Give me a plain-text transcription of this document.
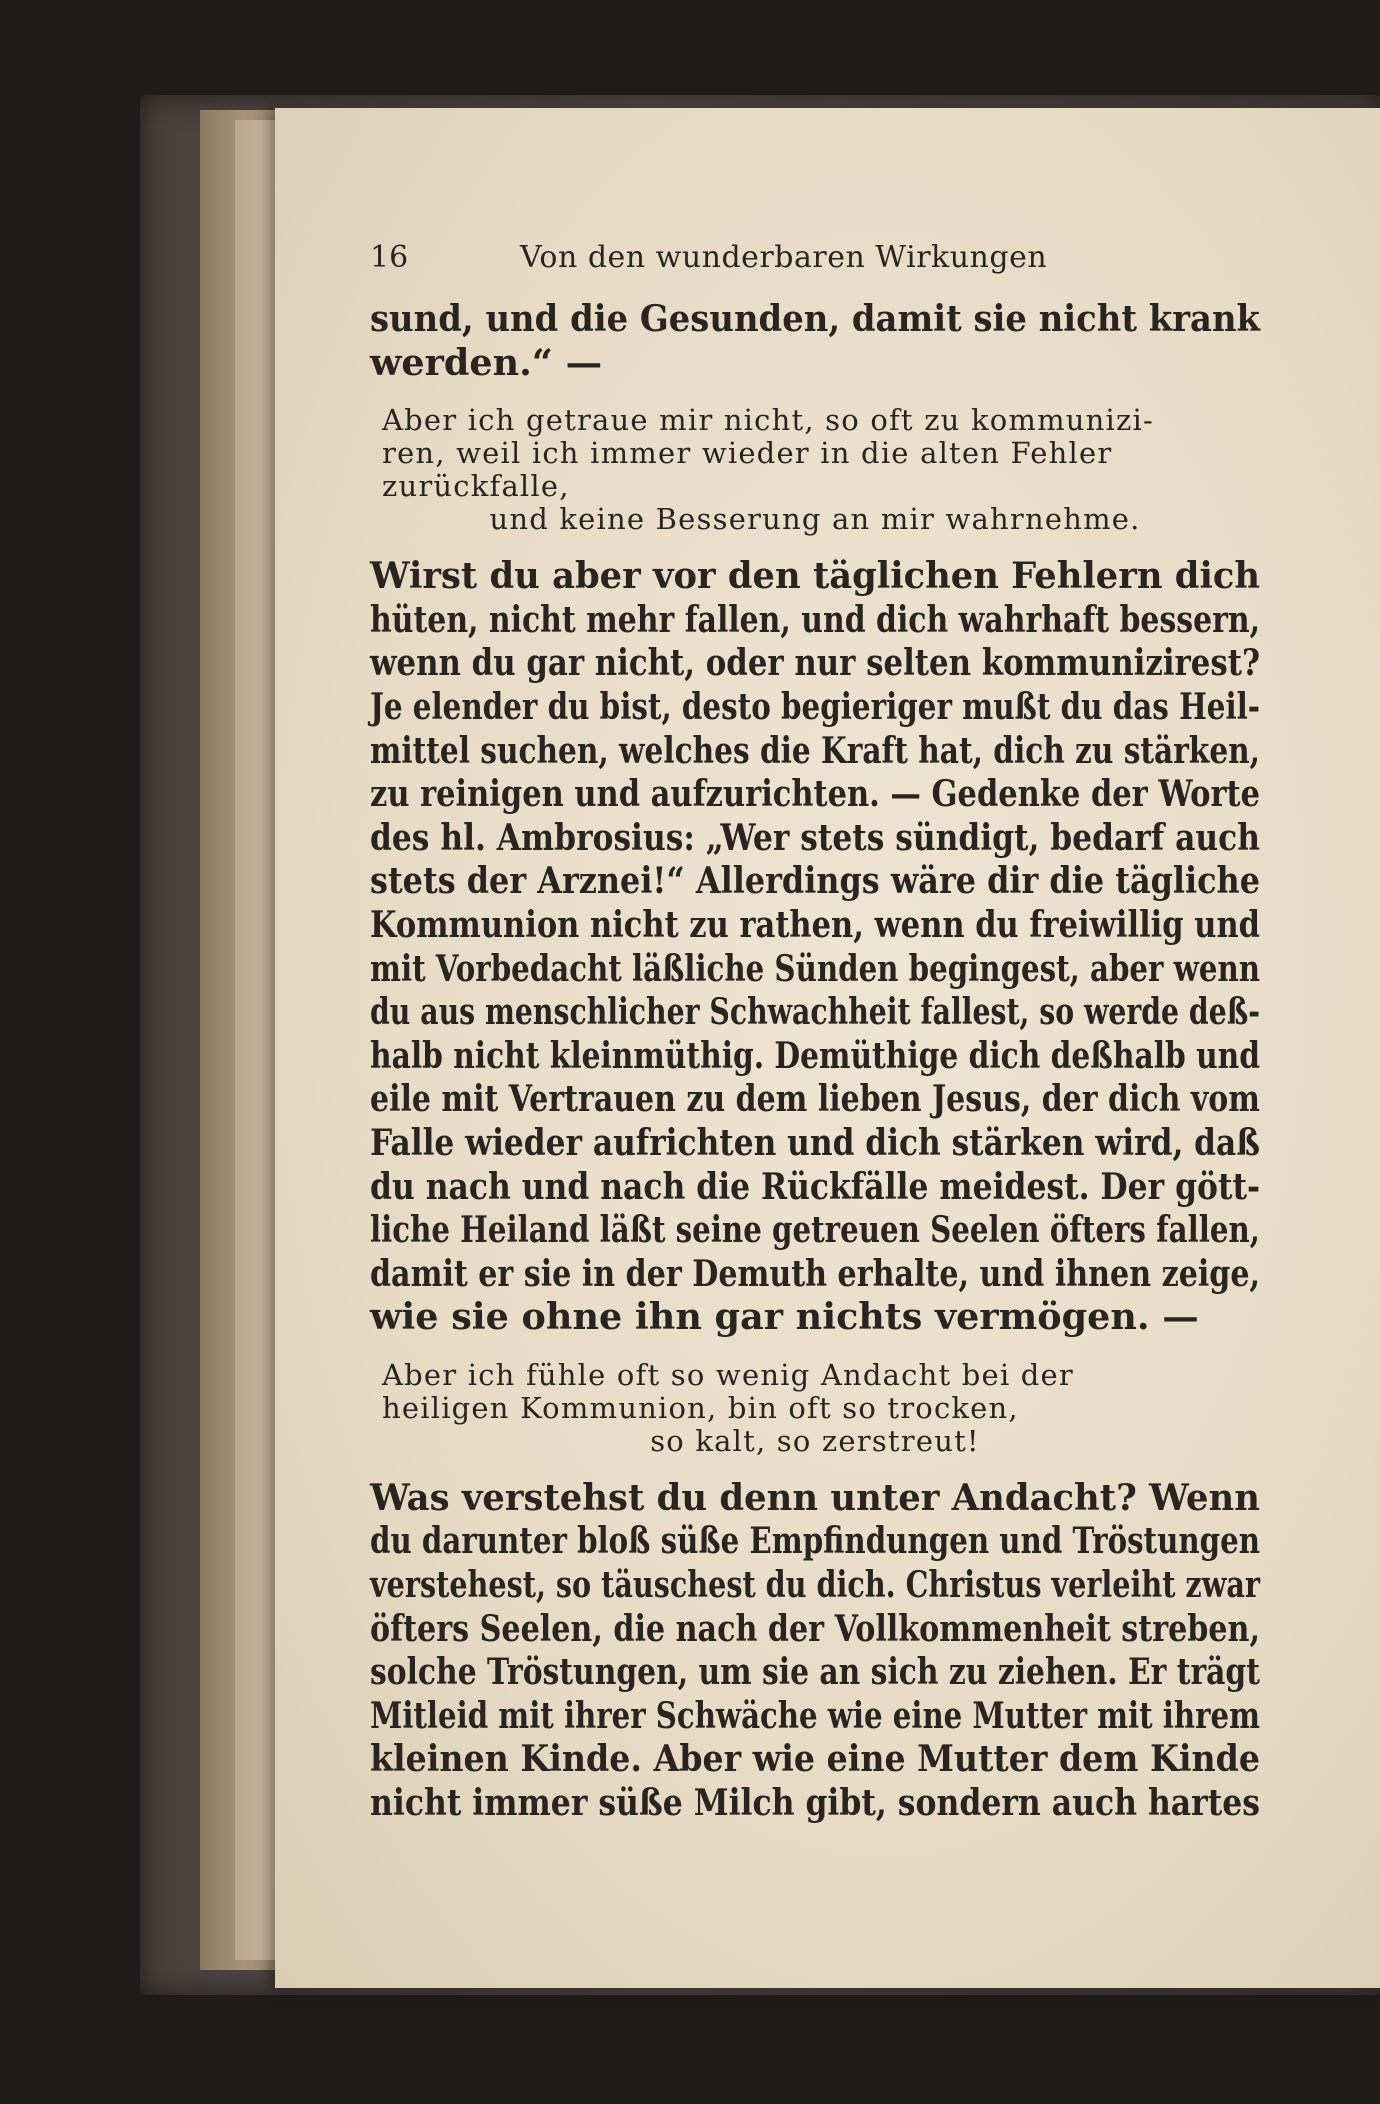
16	Von den wunderbaren Wirkungen
sund, und die Gesunden, damit sie nicht krank
werden.“ —
Aber ich getraue mir nicht, so oft zu kommunizi-
ren, weil ich immer wieder in die alten Fehler zurückfalle,
und keine Besserung an mir wahrnehme.
Wirst du aber vor den täglichen Fehlern dich
hüten, nicht mehr fallen, und dich wahrhaft bessern,
wenn du gar nicht, oder nur selten kommunizirest?
Je elender du bist, desto begieriger mußt du das Heil-
mittel suchen, welches die Kraft hat, dich zu stärken,
zu reinigen und aufzurichten. — Gedenke der Worte
des hl. Ambrosius: „Wer stets sündigt, bedarf auch
stets der Arznei!“ Allerdings wäre dir die tägliche
Kommunion nicht zu rathen, wenn du freiwillig und
mit Vorbedacht läßliche Sünden begingest, aber wenn
du aus menschlicher Schwachheit fallest, so werde deß-
halb nicht kleinmüthig. Demüthige dich deßhalb und
eile mit Vertrauen zu dem lieben Jesus, der dich vom
Falle wieder aufrichten und dich stärken wird, daß
du nach und nach die Rückfälle meidest. Der gött-
liche Heiland läßt seine getreuen Seelen öfters fallen,
damit er sie in der Demuth erhalte, und ihnen zeige,
wie sie ohne ihn gar nichts vermögen. —
Aber ich fühle oft so wenig Andacht bei der
heiligen Kommunion, bin oft so trocken,
so kalt, so zerstreut!
Was verstehst du denn unter Andacht? Wenn
du darunter bloß süße Empfindungen und Tröstungen
verstehest, so täuschest du dich. Christus verleiht zwar
öfters Seelen, die nach der Vollkommenheit streben,
solche Tröstungen, um sie an sich zu ziehen. Er trägt
Mitleid mit ihrer Schwäche wie eine Mutter mit ihrem
kleinen Kinde. Aber wie eine Mutter dem Kinde
nicht immer süße Milch gibt, sondern auch hartes
